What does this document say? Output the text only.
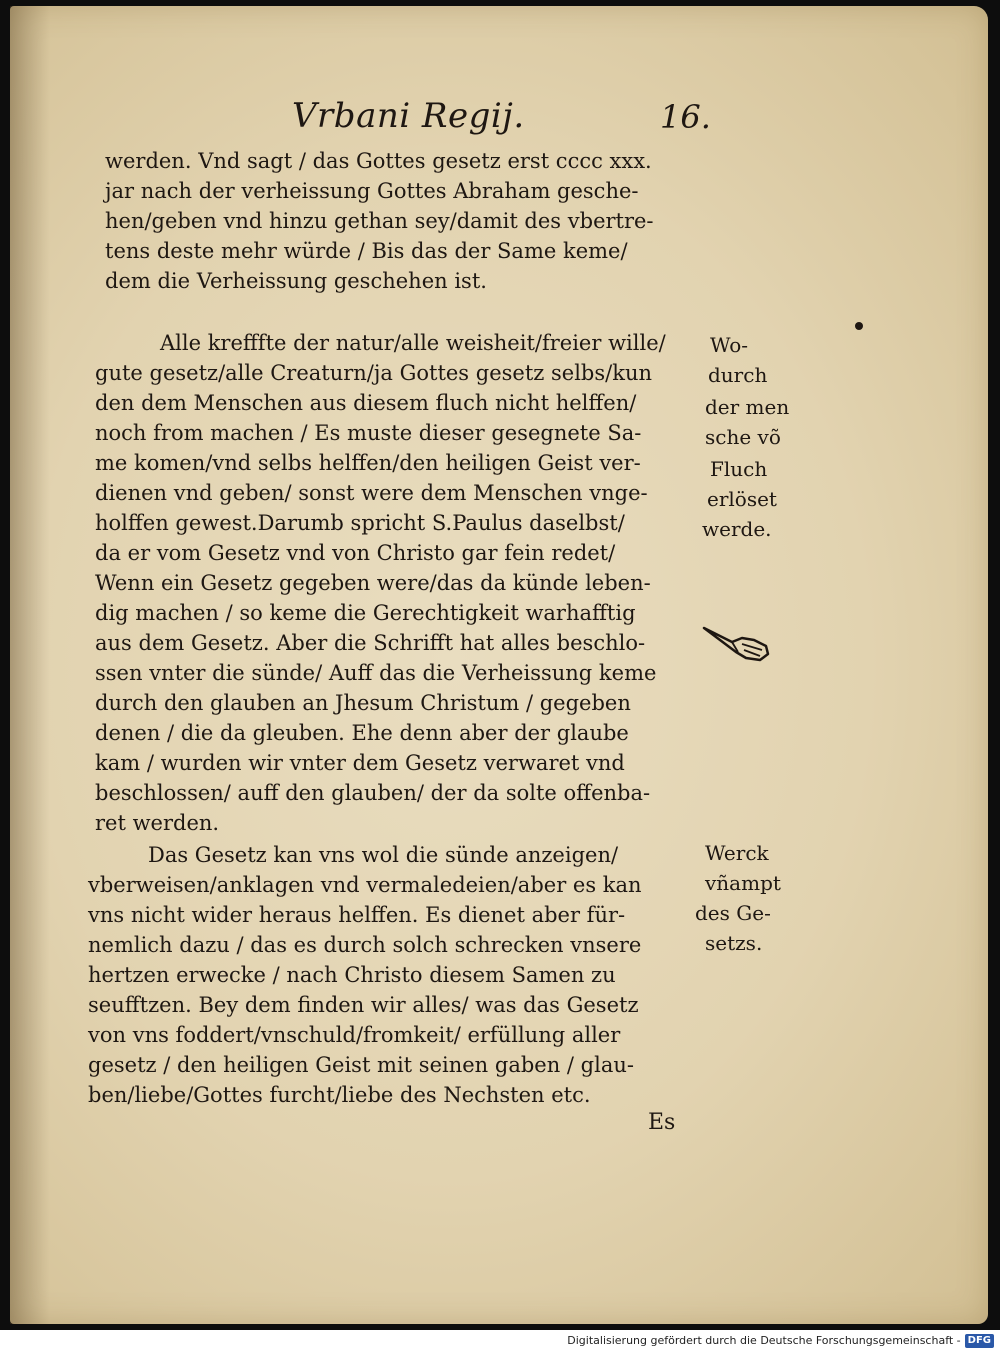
Vrbani Regij.	16.
werden. Vnd sagt / das Gottes gesetz erst cccc xxx.
jar nach der verheissung Gottes Abraham gesche-
hen/geben vnd hinzu gethan sey/damit des vbertre-
tens deste mehr würde / Bis das der Same keme/
dem die Verheissung geschehen ist.
Alle krefffte der natur/alle weisheit/freier wille/
gute gesetz/alle Creaturn/ja Gottes gesetz selbs/kun
den dem Menschen aus diesem fluch nicht helffen/
noch from machen / Es muste dieser gesegnete Sa-
me komen/vnd selbs helffen/den heiligen Geist ver-
dienen vnd geben/ sonst were dem Menschen vnge-
holffen gewest.Darumb spricht S.Paulus daselbst/
da er vom Gesetz vnd von Christo gar fein redet/
Wenn ein Gesetz gegeben were/das da künde leben-
dig machen / so keme die Gerechtigkeit warhafftig
aus dem Gesetz. Aber die Schrifft hat alles beschlo-
ssen vnter die sünde/ Auff das die Verheissung keme
durch den glauben an Jhesum Christum / gegeben
denen / die da gleuben. Ehe denn aber der glaube
kam / wurden wir vnter dem Gesetz verwaret vnd
beschlossen/ auff den glauben/ der da solte offenba-
ret werden.
Das Gesetz kan vns wol die sünde anzeigen/
vberweisen/anklagen vnd vermaledeien/aber es kan
vns nicht wider heraus helffen. Es dienet aber für-
nemlich dazu / das es durch solch schrecken vnsere
hertzen erwecke / nach Christo diesem Samen zu
seufftzen. Bey dem finden wir alles/ was das Gesetz
von vns foddert/vnschuld/fromkeit/ erfüllung aller
gesetz / den heiligen Geist mit seinen gaben / glau-
ben/liebe/Gottes furcht/liebe des Nechsten etc.
Es
Wo-
durch
der men
sche võ
Fluch
erlöset
werde.
Werck
vñampt
des Ge-
setzs.
Digitalisierung gefördert durch die Deutsche Forschungsgemeinschaft - DFG
